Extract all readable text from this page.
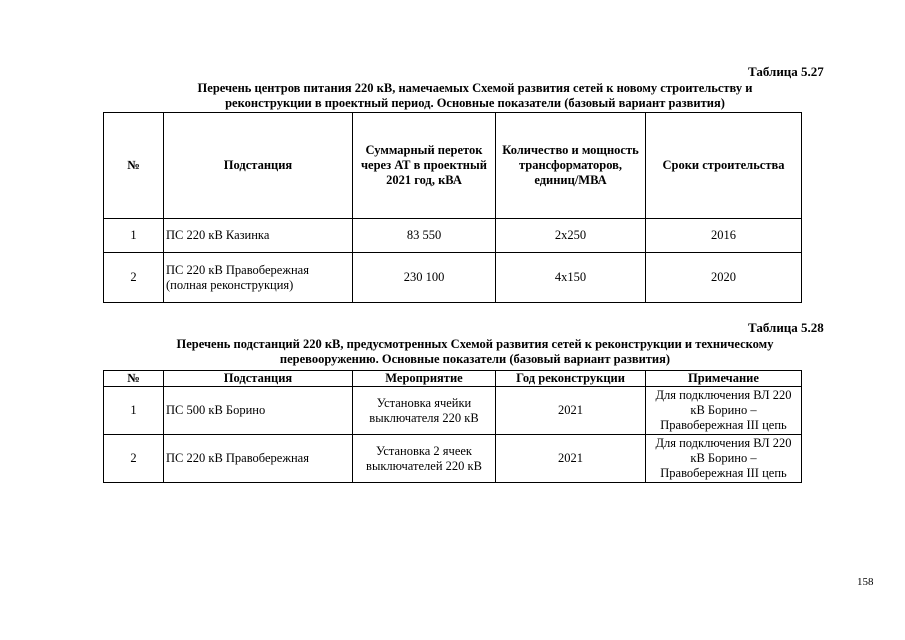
Таблица 5.27
Перечень центров питания 220 кВ, намечаемых Схемой развития сетей к новому строительству и
реконструкции в проектный период. Основные показатели (базовый вариант развития)
№	Подстанция	Суммарный переток через АТ в проектный 2021 год, кВА	Количество и мощность трансформаторов, единиц/МВА	Сроки строительства
1	ПС 220 кВ Казинка	83 550	2х250	2016
2	ПС 220 кВ Правобережная (полная реконструкция)	230 100	4х150	2020
Таблица 5.28
Перечень подстанций 220 кВ, предусмотренных Схемой развития сетей к реконструкции и техническому
перевооружению. Основные показатели (базовый вариант развития)
№	Подстанция	Мероприятие	Год реконструкции	Примечание
1	ПС 500 кВ Борино	Установка ячейки выключателя 220 кВ	2021	Для подключения ВЛ 220 кВ Борино – Правобережная III цепь
2	ПС 220 кВ Правобережная	Установка 2 ячеек выключателей 220 кВ	2021	Для подключения ВЛ 220 кВ Борино – Правобережная III цепь
158
